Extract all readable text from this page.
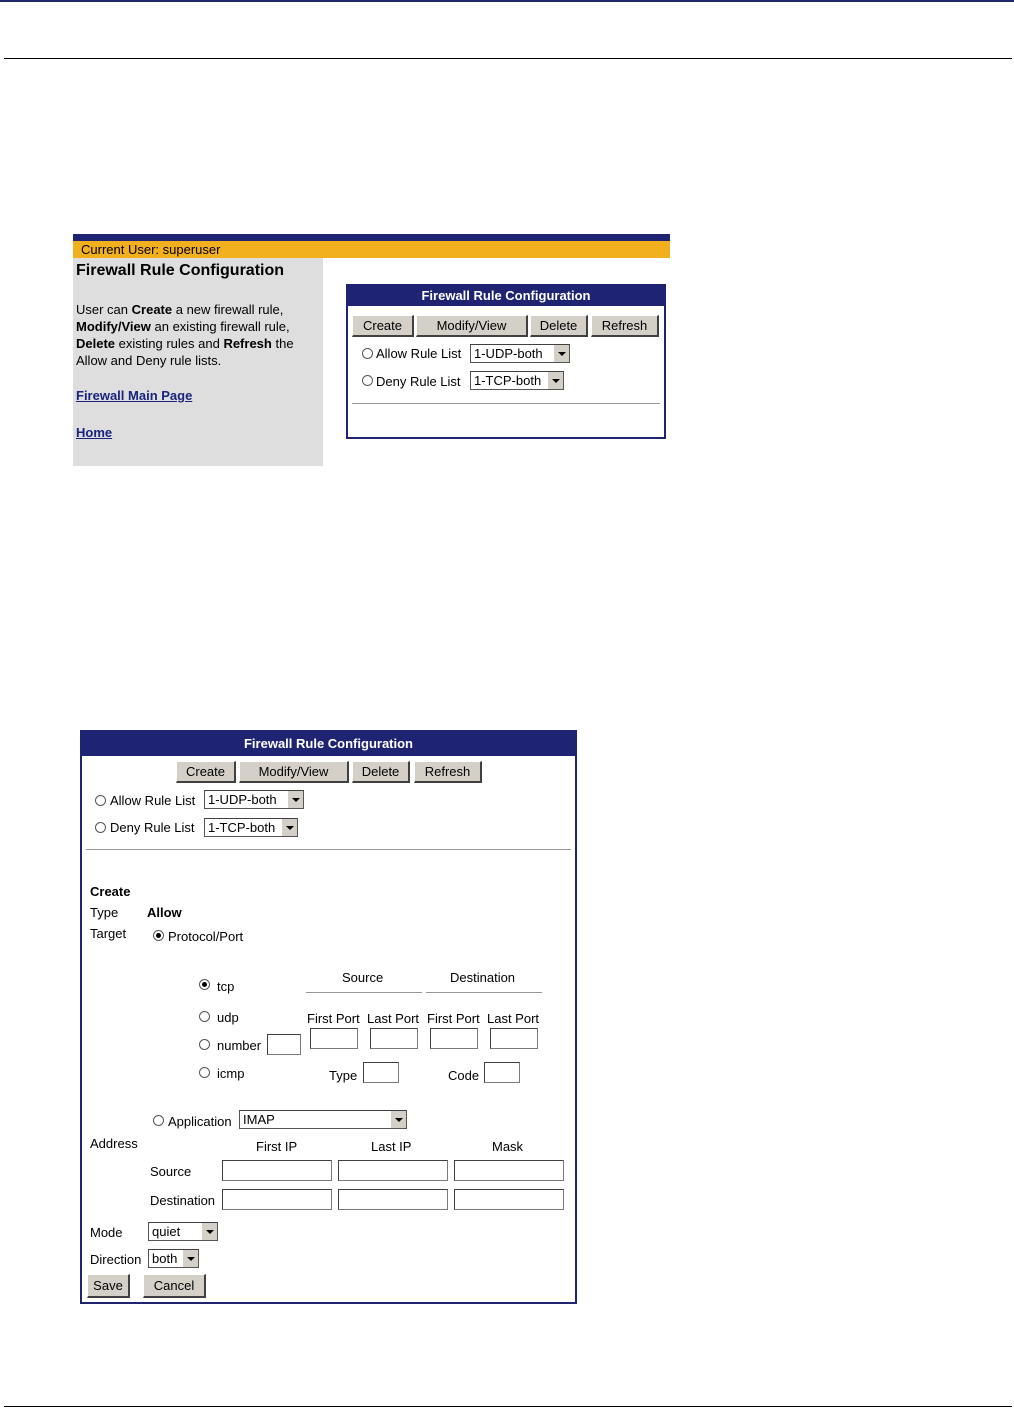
Current User: superuser
Firewall Rule Configuration
User can Create a new firewall rule, Modify/View an existing firewall rule, Delete existing rules and Refresh the Allow and Deny rule lists.
Firewall Main Page
Home
Firewall Rule Configuration
Create	Modify/View	Delete	Refresh
Allow Rule List 1-UDP-both
Deny Rule List	1-TCP-both
Firewall Rule Configuration
Create	Modify/View	Delete	Refresh
Allow Rule List 1-UDP-both
Deny Rule List	1-TCP-both
Create
Type Allow
Target	Protocol/Port
Source	Destination
tcp
udp	First Port Last Port First Port Last Port
number
icmp	Type	Code
Application IMAP
Address	First IP	Last IP	Mask
Source
Destination
Mode	quiet
Direction both
Save	Cancel
